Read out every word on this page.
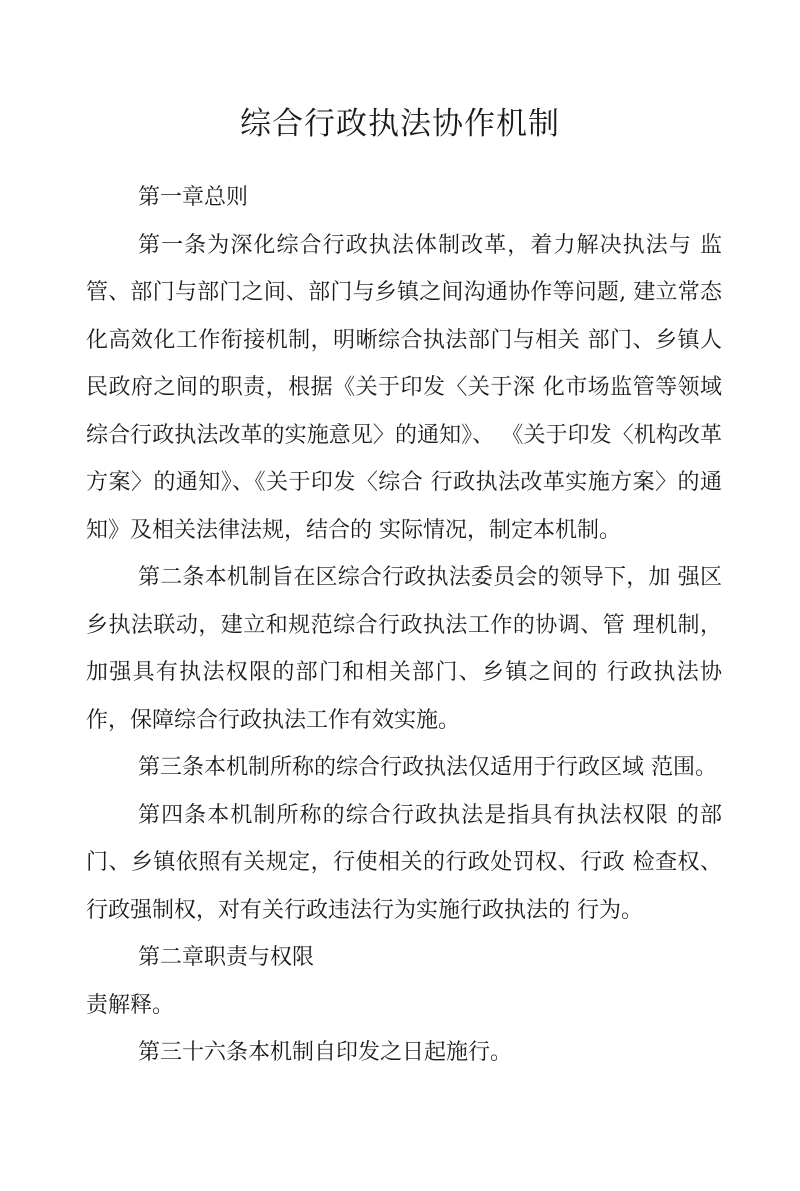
综合行政执法协作机制

第一章总则

第一条为深化综合行政执法体制改革，着力解决执法与 监管、部门与部门之间、部门与乡镇之间沟通协作等问题, 建立常态化高效化工作衔接机制，明晰综合执法部门与相关 部门、乡镇人民政府之间的职责，根据《关于印发〈关于深 化市场监管等领域综合行政执法改革的实施意见〉的通知》、 《关于印发〈机构改革方案〉的通知》、《关于印发〈综合 行政执法改革实施方案〉的通知》及相关法律法规，结合的 实际情况，制定本机制。

第二条本机制旨在区综合行政执法委员会的领导下，加 强区乡执法联动，建立和规范综合行政执法工作的协调、管 理机制，加强具有执法权限的部门和相关部门、乡镇之间的 行政执法协作，保障综合行政执法工作有效实施。

第三条本机制所称的综合行政执法仅适用于行政区域 范围。

第四条本机制所称的综合行政执法是指具有执法权限 的部门、乡镇依照有关规定，行使相关的行政处罚权、行政 检查权、行政强制权，对有关行政违法行为实施行政执法的 行为。

第二章职责与权限

责解释。

第三十六条本机制自印发之日起施行。
